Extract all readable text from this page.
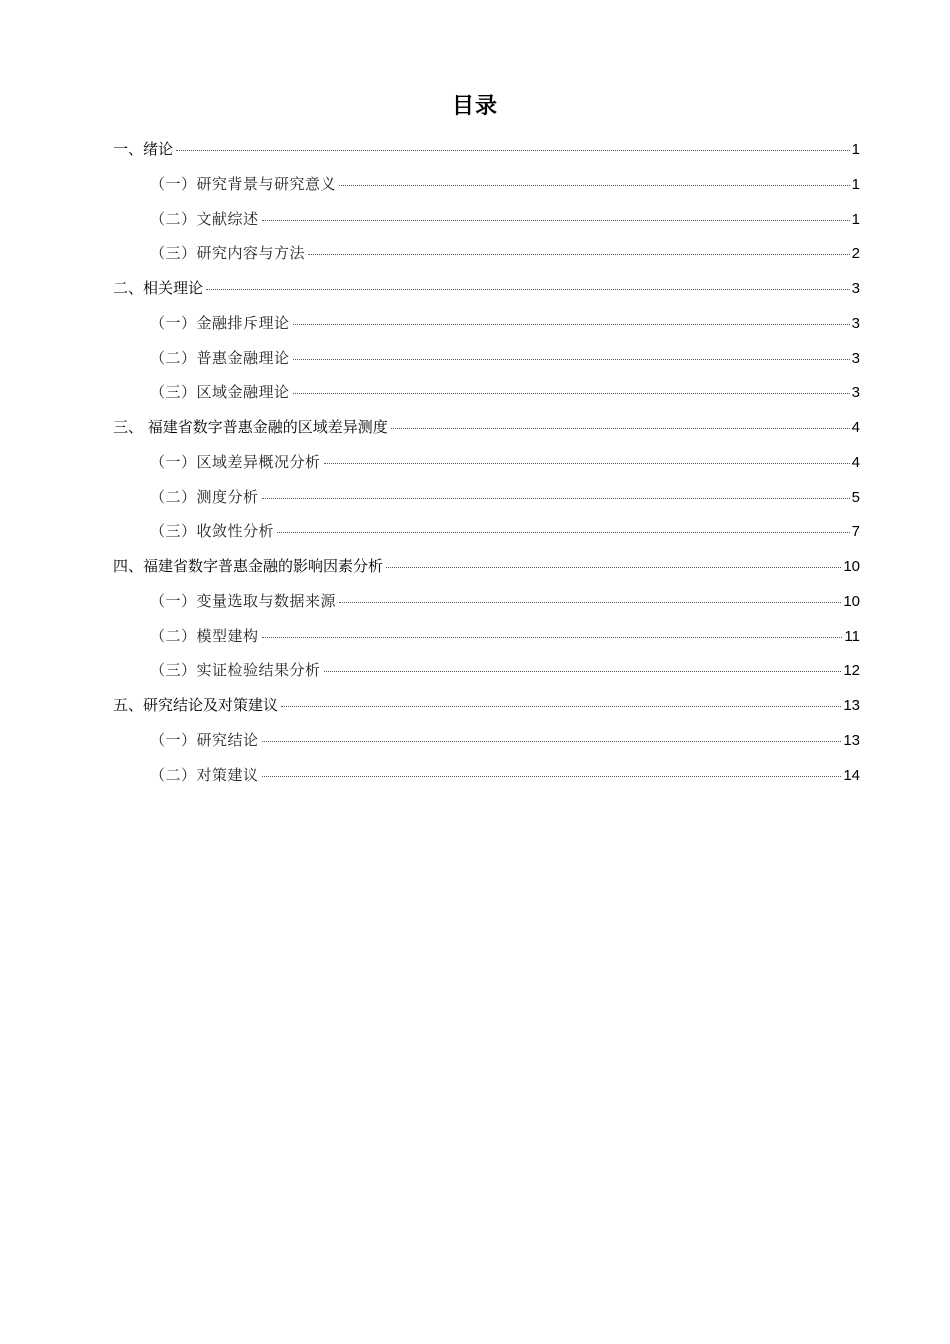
目录
一、绪论	1
（一）研究背景与研究意义	1
（二）文献综述	1
（三）研究内容与方法	2
二、相关理论	3
（一）金融排斥理论	3
（二）普惠金融理论	3
（三）区域金融理论	3
三、 福建省数字普惠金融的区域差异测度	4
（一）区域差异概况分析	4
（二）测度分析	5
（三）收敛性分析	7
四、福建省数字普惠金融的影响因素分析	10
（一）变量选取与数据来源	10
（二）模型建构	11
（三）实证检验结果分析	12
五、研究结论及对策建议	13
（一）研究结论	13
（二）对策建议	14
